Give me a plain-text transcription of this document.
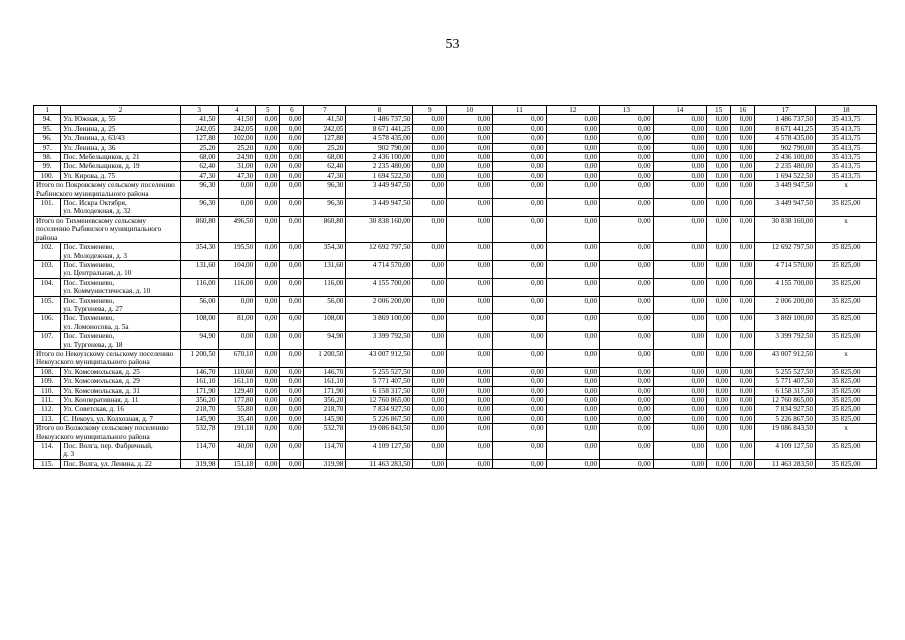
53
1	2	3	4	5	6	7	8	9	10	11	12	13	14	15	16	17	18
94.	Ул. Южная, д. 55	41,50	41,50	0,00	0,00	41,50	1 486 737,50	0,00	0,00	0,00	0,00	0,00	0,00	0,00	0,00	1 486 737,50	35 413,75
95.	Ул. Ленина, д. 25	242,05	242,05	0,00	0,00	242,05	8 671 441,25	0,00	0,00	0,00	0,00	0,00	0,00	0,00	0,00	8 671 441,25	35 413,75
96.	Ул. Ленина, д. 63/43	127,80	102,00	0,00	0,00	127,80	4 578 435,00	0,00	0,00	0,00	0,00	0,00	0,00	0,00	0,00	4 578 435,00	35 413,75
97.	Ул. Ленина, д. 36	25,20	25,20	0,00	0,00	25,20	902 790,00	0,00	0,00	0,00	0,00	0,00	0,00	0,00	0,00	902 790,00	35 413,75
98.	Пос. Мебельщиков, д. 21	68,00	24,90	0,00	0,00	68,00	2 436 100,00	0,00	0,00	0,00	0,00	0,00	0,00	0,00	0,00	2 436 100,00	35 413,75
99.	Пос. Мебельщиков, д. 19	62,40	31,00	0,00	0,00	62,40	2 235 480,00	0,00	0,00	0,00	0,00	0,00	0,00	0,00	0,00	2 235 480,00	35 413,75
100.	Ул. Кирова, д. 75	47,30	47,30	0,00	0,00	47,30	1 694 522,50	0,00	0,00	0,00	0,00	0,00	0,00	0,00	0,00	1 694 522,50	35 413,75
Итого по Покровскому сельскому поселению Рыбинского муниципального района		96,30	0,00	0,00	0,00	96,30	3 449 947,50	0,00	0,00	0,00	0,00	0,00	0,00	0,00	0,00	3 449 947,50	х
101.	Пос. Искра Октября,
ул. Молодежная, д. 32	96,30	0,00	0,00	0,00	96,30	3 449 947,50	0,00	0,00	0,00	0,00	0,00	0,00	0,00	0,00	3 449 947,50	35 825,00
Итого по Тихменевскому сельскому поселению Рыбинского муниципального района		860,80	496,50	0,00	0,00	860,80	30 838 160,00	0,00	0,00	0,00	0,00	0,00	0,00	0,00	0,00	30 838 160,00	х
102.	Пос. Тихменево,
ул. Молодежная, д. 3	354,30	195,50	0,00	0,00	354,30	12 692 797,50	0,00	0,00	0,00	0,00	0,00	0,00	0,00	0,00	12 692 797,50	35 825,00
103.	Пос. Тихменево,
ул. Центральная, д. 10	131,60	104,00	0,00	0,00	131,60	4 714 570,00	0,00	0,00	0,00	0,00	0,00	0,00	0,00	0,00	4 714 570,00	35 825,00
104.	Пос. Тихменево,
ул. Коммунистическая, д. 10	116,00	116,00	0,00	0,00	116,00	4 155 700,00	0,00	0,00	0,00	0,00	0,00	0,00	0,00	0,00	4 155 700,00	35 825,00
105.	Пос. Тихменево,
ул. Тургенева, д. 27	56,00	0,00	0,00	0,00	56,00	2 006 200,00	0,00	0,00	0,00	0,00	0,00	0,00	0,00	0,00	2 006 200,00	35 825,00
106.	Пос. Тихменево,
ул. Ломоносова, д. 5а	108,00	81,00	0,00	0,00	108,00	3 869 100,00	0,00	0,00	0,00	0,00	0,00	0,00	0,00	0,00	3 869 100,00	35 825,00
107.	Пос. Тихменево,
ул. Тургенева, д. 18	94,90	0,00	0,00	0,00	94,90	3 399 792,50	0,00	0,00	0,00	0,00	0,00	0,00	0,00	0,00	3 399 792,50	35 825,00
Итого по Некоузскому сельскому поселению Некоузского муниципального района		1 200,50	670,10	0,00	0,00	1 200,50	43 007 912,50	0,00	0,00	0,00	0,00	0,00	0,00	0,00	0,00	43 007 912,50	х
108.	Ул. Комсомольская, д. 25	146,70	110,60	0,00	0,00	146,70	5 255 527,50	0,00	0,00	0,00	0,00	0,00	0,00	0,00	0,00	5 255 527,50	35 825,00
109.	Ул. Комсомольская, д. 29	161,10	161,10	0,00	0,00	161,10	5 771 407,50	0,00	0,00	0,00	0,00	0,00	0,00	0,00	0,00	5 771 407,50	35 825,00
110.	Ул. Комсомольская, д. 31	171,90	129,40	0,00	0,00	171,90	6 158 317,50	0,00	0,00	0,00	0,00	0,00	0,00	0,00	0,00	6 158 317,50	35 825,00
111.	Ул. Кооперативная, д. 11	356,20	177,80	0,00	0,00	356,20	12 760 865,00	0,00	0,00	0,00	0,00	0,00	0,00	0,00	0,00	12 760 865,00	35 825,00
112.	Ул. Советская, д. 16	218,70	55,80	0,00	0,00	218,70	7 834 927,50	0,00	0,00	0,00	0,00	0,00	0,00	0,00	0,00	7 834 927,50	35 825,00
113.	С. Некоуз, ул. Колхозная, д. 7	145,90	35,40	0,00	0,00	145,90	5 226 867,50	0,00	0,00	0,00	0,00	0,00	0,00	0,00	0,00	5 226 867,50	35 825,00
Итого по Волжскому сельскому поселению Некоузского муниципального района		532,78	191,18	0,00	0,00	532,78	19 086 843,50	0,00	0,00	0,00	0,00	0,00	0,00	0,00	0,00	19 086 843,50	х
114.	Пос. Волга, пер. Фабричный,
д. 3	114,70	40,00	0,00	0,00	114,70	4 109 127,50	0,00	0,00	0,00	0,00	0,00	0,00	0,00	0,00	4 109 127,50	35 825,00
115.	Пос. Волга, ул. Ленина, д. 22	319,98	151,18	0,00	0,00	319,98	11 463 283,50	0,00	0,00	0,00	0,00	0,00	0,00	0,00	0,00	11 463 283,50	35 825,00
